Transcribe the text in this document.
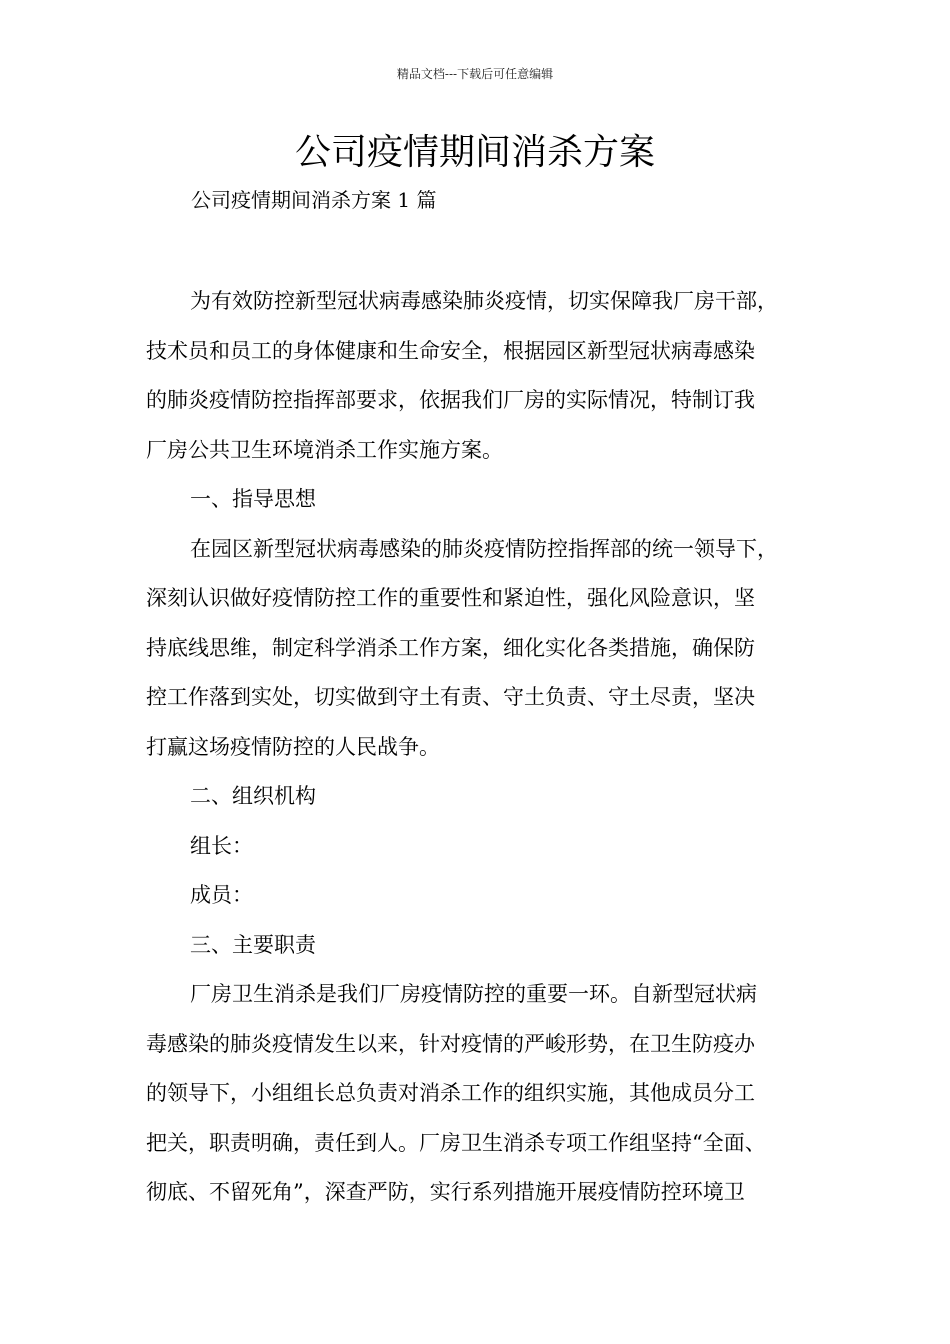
精品文档---下载后可任意编辑
公司疫情期间消杀方案
公司疫情期间消杀方案 1 篇
为有效防控新型冠状病毒感染肺炎疫情，切实保障我厂房干部，
技术员和员工的身体健康和生命安全，根据园区新型冠状病毒感染
的肺炎疫情防控指挥部要求，依据我们厂房的实际情况，特制订我
厂房公共卫生环境消杀工作实施方案。
一、指导思想
在园区新型冠状病毒感染的肺炎疫情防控指挥部的统一领导下，
深刻认识做好疫情防控工作的重要性和紧迫性，强化风险意识，坚
持底线思维，制定科学消杀工作方案，细化实化各类措施，确保防
控工作落到实处，切实做到守土有责、守土负责、守土尽责，坚决
打赢这场疫情防控的人民战争。
二、组织机构
组长：
成员：
三、主要职责
厂房卫生消杀是我们厂房疫情防控的重要一环。自新型冠状病
毒感染的肺炎疫情发生以来，针对疫情的严峻形势，在卫生防疫办
的领导下，小组组长总负责对消杀工作的组织实施，其他成员分工
把关，职责明确，责任到人。厂房卫生消杀专项工作组坚持“全面、
彻底、不留死角”，深查严防，实行系列措施开展疫情防控环境卫
